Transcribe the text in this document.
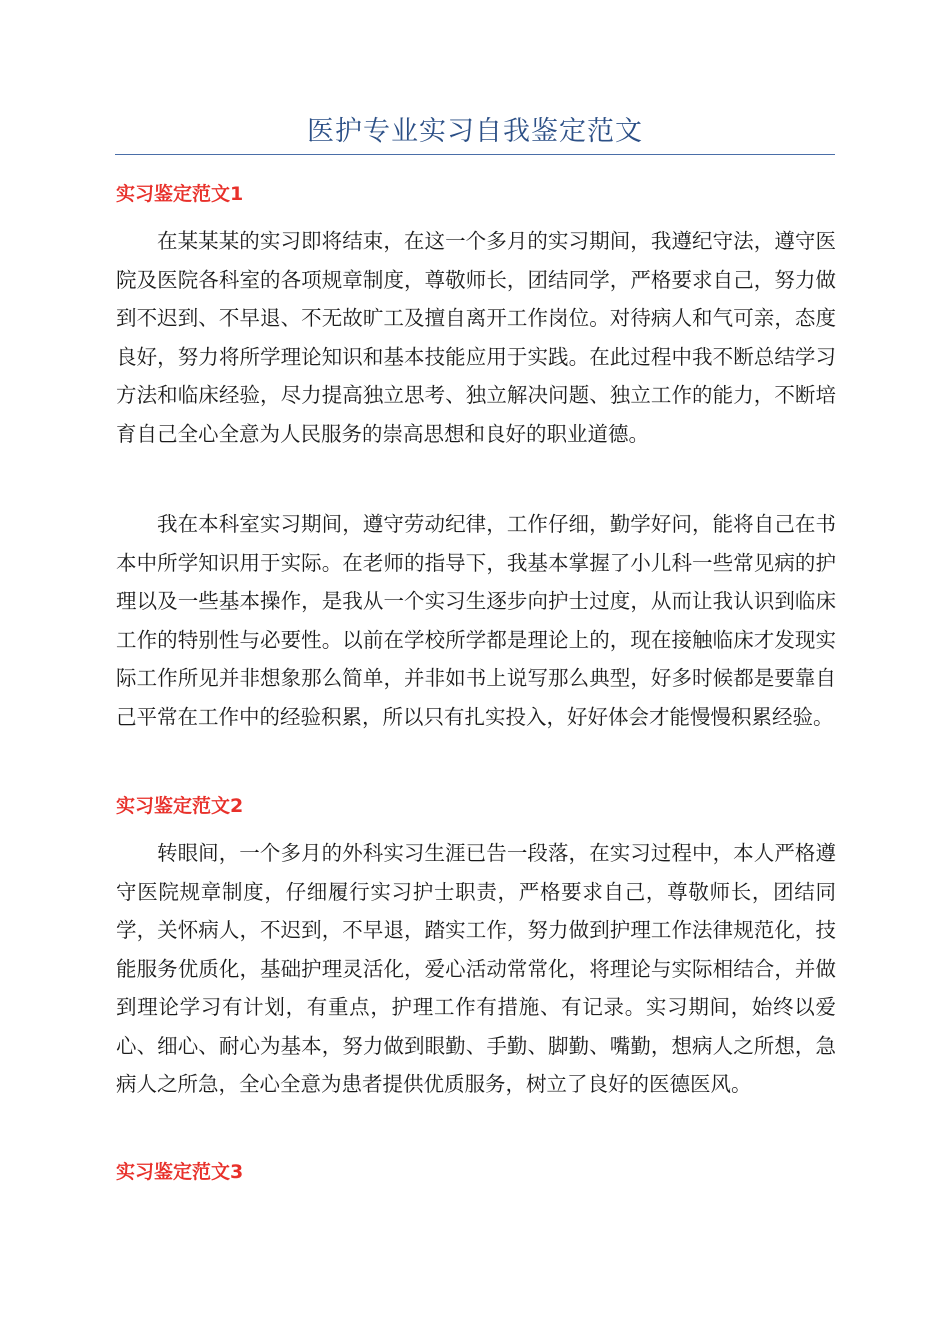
医护专业实习自我鉴定范文
实习鉴定范文1

在某某某的实习即将结束，在这一个多月的实习期间，我遵纪守法，遵守医院及医院各科室的各项规章制度，尊敬师长，团结同学，严格要求自己，努力做到不迟到、不早退、不无故旷工及擅自离开工作岗位。对待病人和气可亲，态度良好，努力将所学理论知识和基本技能应用于实践。在此过程中我不断总结学习方法和临床经验，尽力提高独立思考、独立解决问题、独立工作的能力，不断培育自己全心全意为人民服务的崇高思想和良好的职业道德。

我在本科室实习期间，遵守劳动纪律，工作仔细，勤学好问，能将自己在书本中所学知识用于实际。在老师的指导下，我基本掌握了小儿科一些常见病的护理以及一些基本操作，是我从一个实习生逐步向护士过度，从而让我认识到临床工作的特别性与必要性。以前在学校所学都是理论上的，现在接触临床才发现实际工作所见并非想象那么简单，并非如书上说写那么典型，好多时候都是要靠自己平常在工作中的经验积累，所以只有扎实投入，好好体会才能慢慢积累经验。

实习鉴定范文2

转眼间，一个多月的外科实习生涯已告一段落，在实习过程中，本人严格遵守医院规章制度，仔细履行实习护士职责，严格要求自己，尊敬师长，团结同学，关怀病人，不迟到，不早退，踏实工作，努力做到护理工作法律规范化，技能服务优质化，基础护理灵活化，爱心活动常常化，将理论与实际相结合，并做到理论学习有计划，有重点，护理工作有措施、有记录。实习期间，始终以爱心、细心、耐心为基本，努力做到眼勤、手勤、脚勤、嘴勤，想病人之所想，急病人之所急，全心全意为患者提供优质服务，树立了良好的医德医风。

实习鉴定范文3
